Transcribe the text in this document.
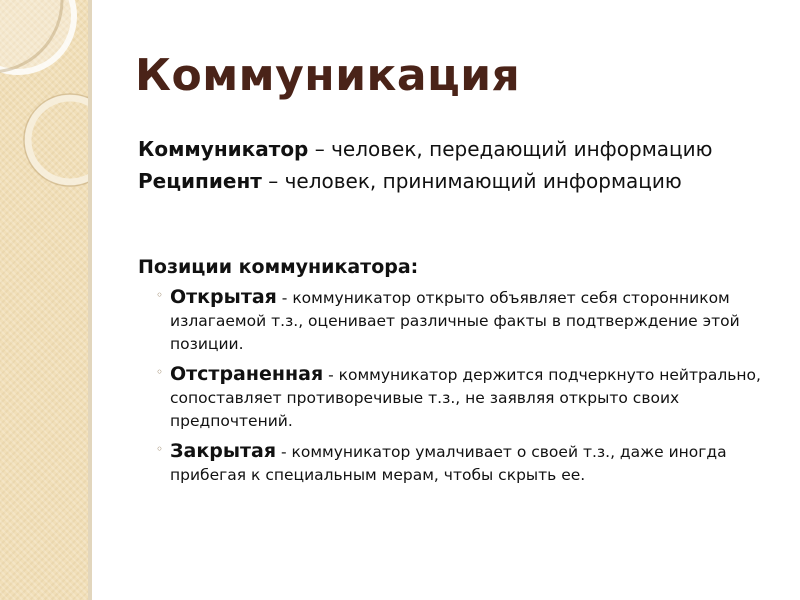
Коммуникация

Коммуникатор – человек, передающий информацию

Реципиент – человек, принимающий информацию

Позиции коммуникатора:

◦ Открытая - коммуникатор открыто объявляет себя сторонником излагаемой т.з., оценивает различные факты в подтверждение этой позиции.
◦ Отстраненная - коммуникатор держится подчеркнуто нейтрально, сопоставляет противоречивые т.з., не заявляя открыто своих предпочтений.
◦ Закрытая - коммуникатор умалчивает о своей т.з., даже иногда прибегая к специальным мерам, чтобы скрыть ее.
